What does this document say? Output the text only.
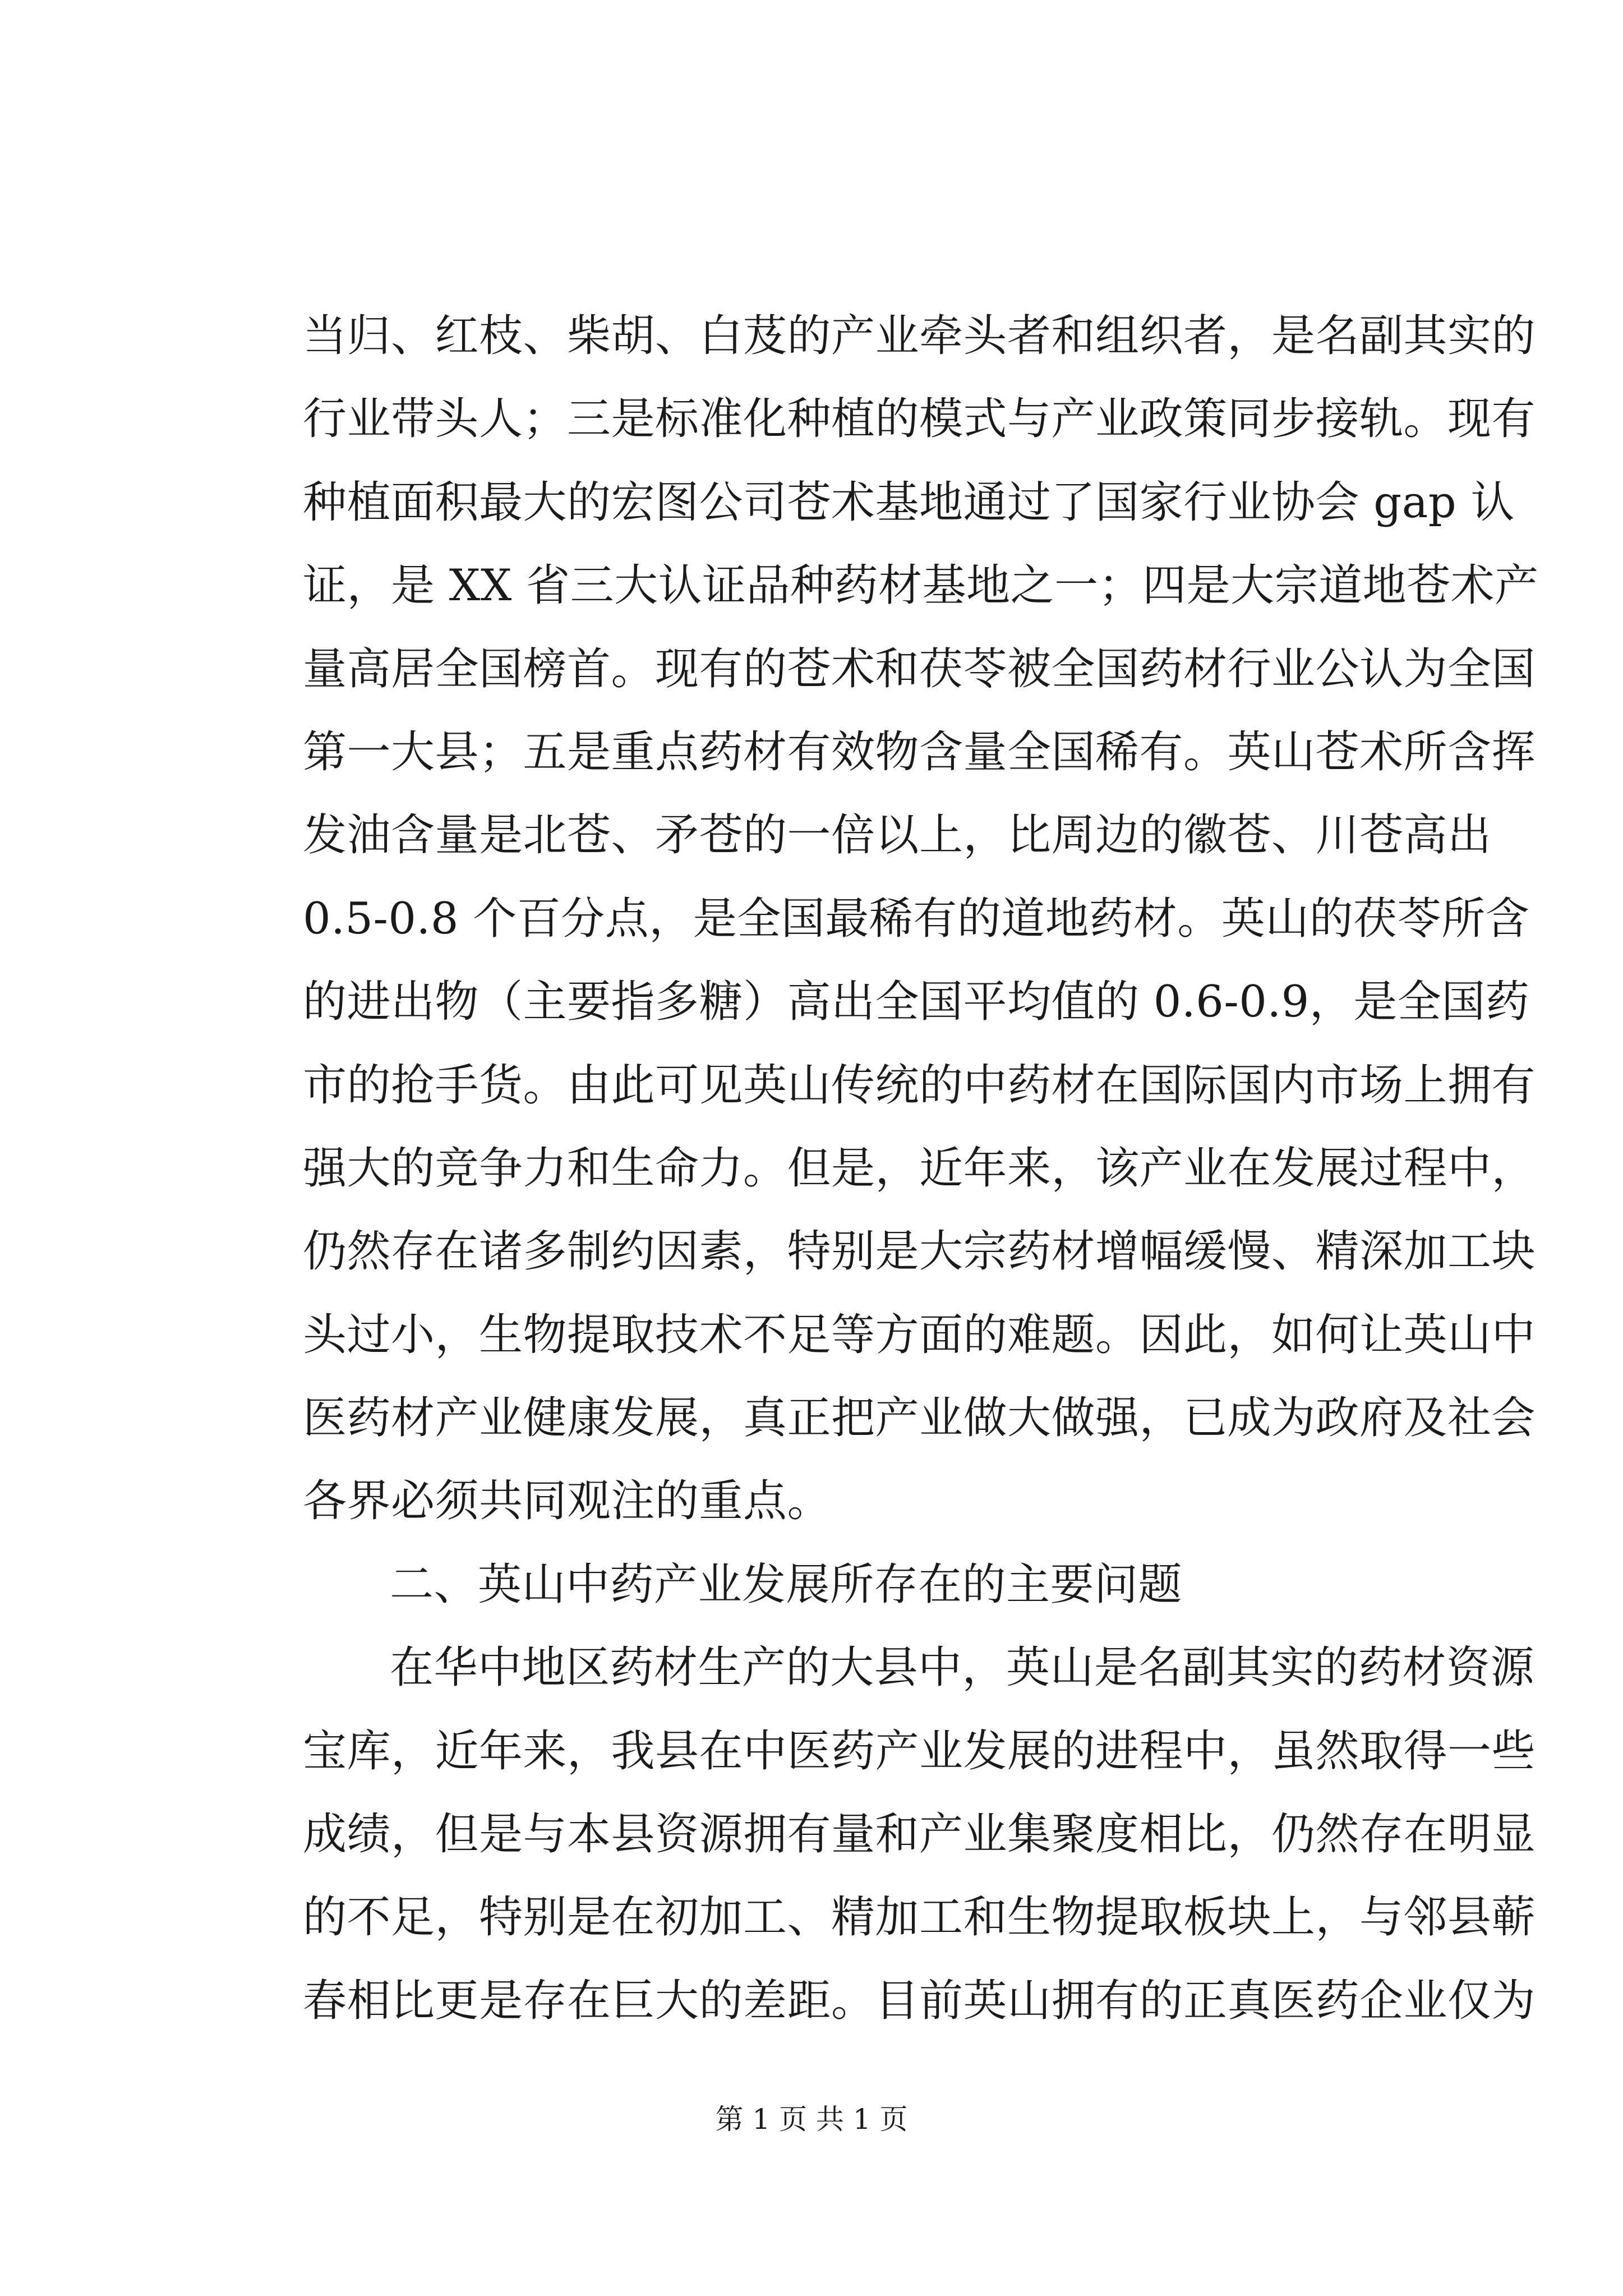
当归、红枝、柴胡、白芨的产业牵头者和组织者，是名副其实的
行业带头人；三是标准化种植的模式与产业政策同步接轨。现有
种植面积最大的宏图公司苍术基地通过了国家行业协会 gap 认
证，是 XX 省三大认证品种药材基地之一；四是大宗道地苍术产
量高居全国榜首。现有的苍术和茯苓被全国药材行业公认为全国
第一大县；五是重点药材有效物含量全国稀有。英山苍术所含挥
发油含量是北苍、矛苍的一倍以上，比周边的徽苍、川苍高出
0.5-0.8 个百分点，是全国最稀有的道地药材。英山的茯苓所含
的进出物（主要指多糖）高出全国平均值的 0.6-0.9，是全国药
市的抢手货。由此可见英山传统的中药材在国际国内市场上拥有
强大的竞争力和生命力。但是，近年来，该产业在发展过程中，
仍然存在诸多制约因素，特别是大宗药材增幅缓慢、精深加工块
头过小，生物提取技术不足等方面的难题。因此，如何让英山中
医药材产业健康发展，真正把产业做大做强，已成为政府及社会
各界必须共同观注的重点。
二、英山中药产业发展所存在的主要问题
在华中地区药材生产的大县中，英山是名副其实的药材资源
宝库，近年来，我县在中医药产业发展的进程中，虽然取得一些
成绩，但是与本县资源拥有量和产业集聚度相比，仍然存在明显
的不足，特别是在初加工、精加工和生物提取板块上，与邻县蕲
春相比更是存在巨大的差距。目前英山拥有的正真医药企业仅为
第 1 页 共 1 页
